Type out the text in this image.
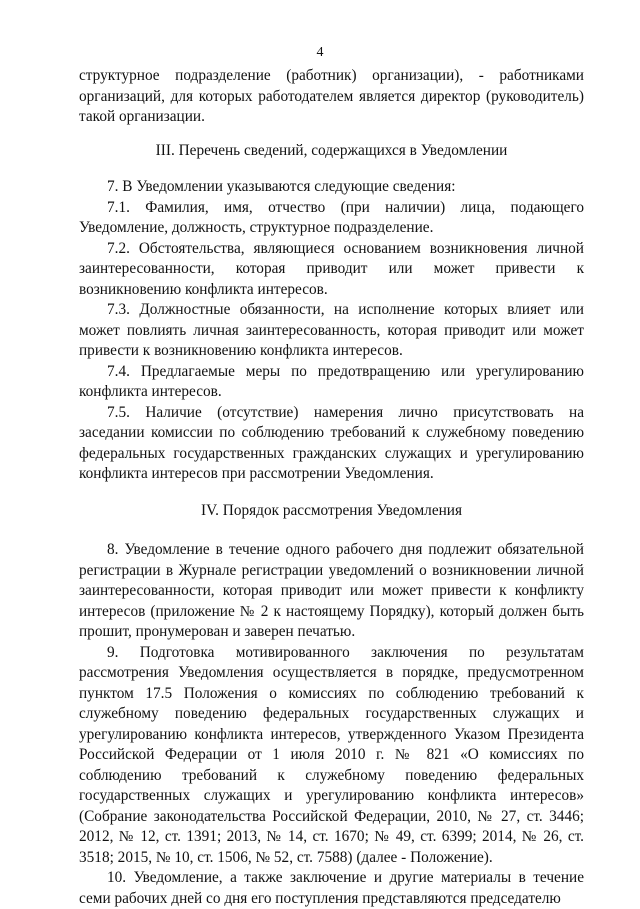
4

структурное подразделение (работник) организации), - работниками организаций, для которых работодателем является директор (руководитель) такой организации.

III. Перечень сведений, содержащихся в Уведомлении

7. В Уведомлении указываются следующие сведения:

7.1. Фамилия, имя, отчество (при наличии) лица, подающего Уведомление, должность, структурное подразделение.

7.2. Обстоятельства, являющиеся основанием возникновения личной заинтересованности, которая приводит или может привести к возникновению конфликта интересов.

7.3. Должностные обязанности, на исполнение которых влияет или может повлиять личная заинтересованность, которая приводит или может привести к возникновению конфликта интересов.

7.4. Предлагаемые меры по предотвращению или урегулированию конфликта интересов.

7.5. Наличие (отсутствие) намерения лично присутствовать на заседании комиссии по соблюдению требований к служебному поведению федеральных государственных гражданских служащих и урегулированию конфликта интересов при рассмотрении Уведомления.

IV. Порядок рассмотрения Уведомления

8. Уведомление в течение одного рабочего дня подлежит обязательной регистрации в Журнале регистрации уведомлений о возникновении личной заинтересованности, которая приводит или может привести к конфликту интересов (приложение № 2 к настоящему Порядку), который должен быть прошит, пронумерован и заверен печатью.

9. Подготовка мотивированного заключения по результатам рассмотрения Уведомления осуществляется в порядке, предусмотренном пунктом 17.5 Положения о комиссиях по соблюдению требований к служебному поведению федеральных государственных служащих и урегулированию конфликта интересов, утвержденного Указом Президента Российской Федерации от 1 июля 2010 г. № 821 «О комиссиях по соблюдению требований к служебному поведению федеральных государственных служащих и урегулированию конфликта интересов» (Собрание законодательства Российской Федерации, 2010, № 27, ст. 3446; 2012, № 12, ст. 1391; 2013, № 14, ст. 1670; № 49, ст. 6399; 2014, № 26, ст. 3518; 2015, № 10, ст. 1506, № 52, ст. 7588) (далее - Положение).

10. Уведомление, а также заключение и другие материалы в течение семи рабочих дней со дня его поступления представляются председателю
